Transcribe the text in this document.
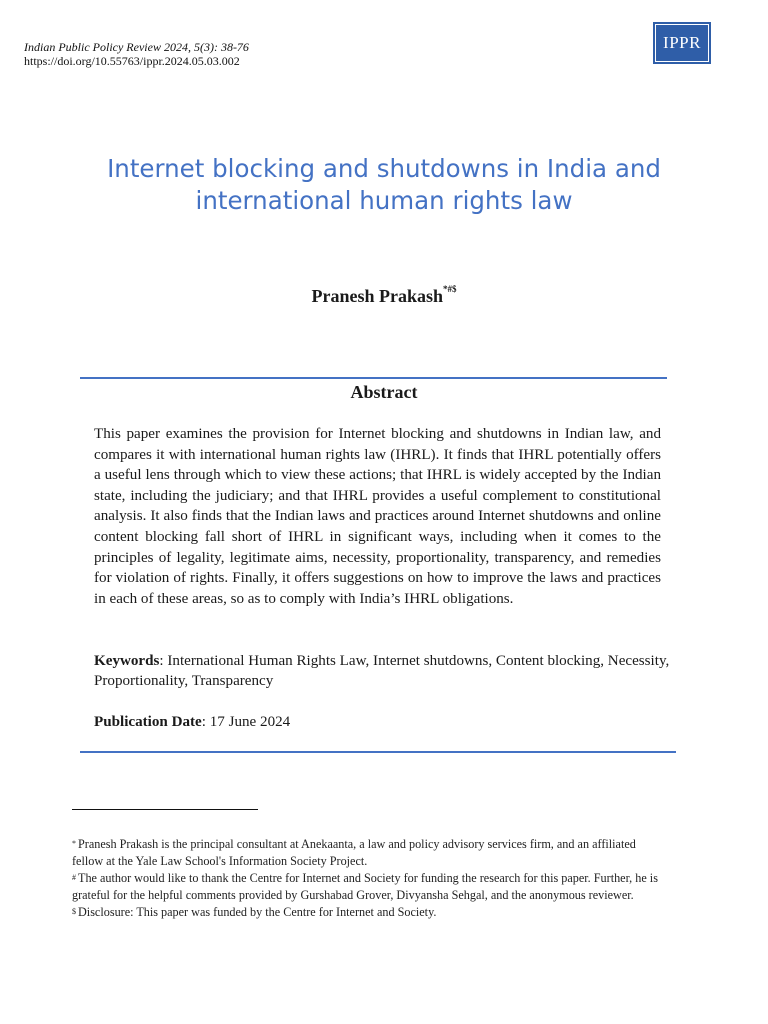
Indian Public Policy Review 2024, 5(3): 38-76
https://doi.org/10.55763/ippr.2024.05.03.002
IPPR
Internet blocking and shutdowns in India and international human rights law
Pranesh Prakash*#$
Abstract

This paper examines the provision for Internet blocking and shutdowns in Indian law, and compares it with international human rights law (IHRL). It finds that IHRL potentially offers a useful lens through which to view these actions; that IHRL is widely accepted by the Indian state, including the judiciary; and that IHRL provides a useful complement to constitutional analysis. It also finds that the Indian laws and practices around Internet shutdowns and online content blocking fall short of IHRL in significant ways, including when it comes to the principles of legality, legitimate aims, necessity, proportionality, transparency, and remedies for violation of rights. Finally, it offers suggestions on how to improve the laws and practices in each of these areas, so as to comply with India’s IHRL obligations.

Keywords: International Human Rights Law, Internet shutdowns, Content blocking, Necessity, Proportionality, Transparency

Publication Date: 17 June 2024

* Pranesh Prakash is the principal consultant at Anekaanta, a law and policy advisory services firm, and an affiliated fellow at the Yale Law School's Information Society Project.

# The author would like to thank the Centre for Internet and Society for funding the research for this paper. Further, he is grateful for the helpful comments provided by Gurshabad Grover, Divyansha Sehgal, and the anonymous reviewer.

$ Disclosure: This paper was funded by the Centre for Internet and Society.
